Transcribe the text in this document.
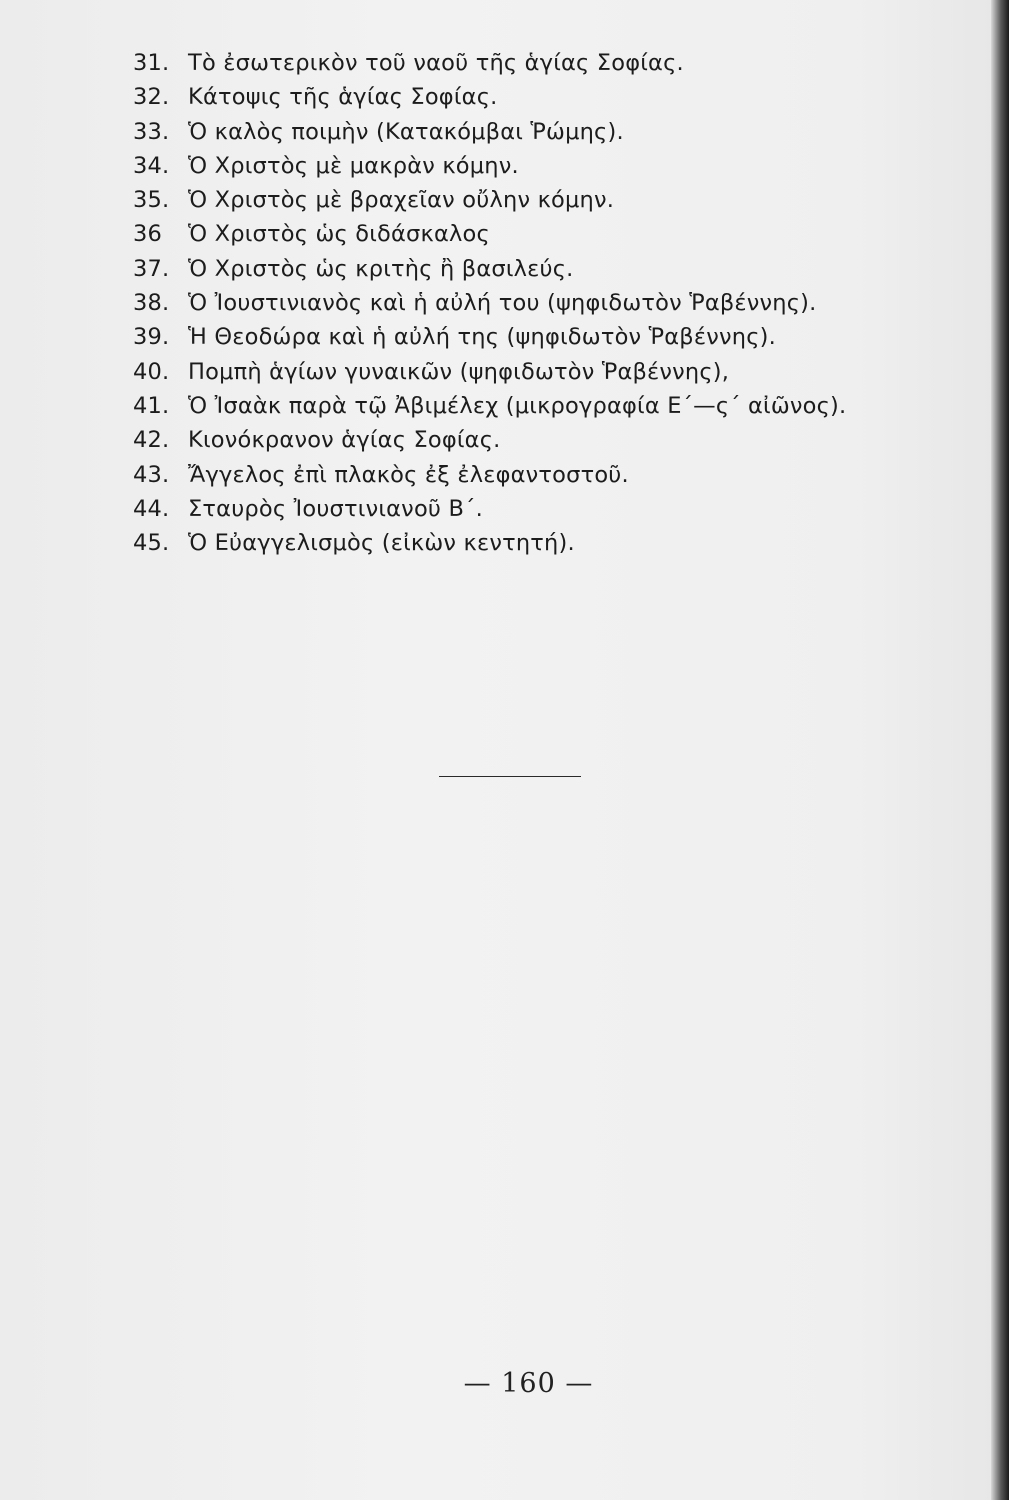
31. Τὸ ἐσωτερικὸν τοῦ ναοῦ τῆς ἁγίας Σοφίας.
32. Κάτοψις τῆς ἁγίας Σοφίας.
33. Ὁ καλὸς ποιμὴν (Κατακόμβαι Ῥώμης).
34. Ὁ Χριστὸς μὲ μακρὰν κόμην.
35. Ὁ Χριστὸς μὲ βραχεῖαν οὔλην κόμην.
36 Ὁ Χριστὸς ὡς διδάσκαλος
37. Ὁ Χριστὸς ὡς κριτὴς ἢ βασιλεύς.
38. Ὁ Ἰουστινιανὸς καὶ ἡ αὐλή του (ψηφιδωτὸν Ῥαβέννης).
39. Ἡ Θεοδώρα καὶ ἡ αὐλή της (ψηφιδωτὸν Ῥαβέννης).
40. Πομπὴ ἁγίων γυναικῶν (ψηφιδωτὸν Ῥαβέννης),
41. Ὁ Ἰσαὰκ παρὰ τῷ Ἀβιμέλεχ (μικρογραφία Ε΄—ς΄ αἰῶνος).
42. Κιονόκρανον ἁγίας Σοφίας.
43. Ἄγγελος ἐπὶ πλακὸς ἐξ ἐλεφαντοστοῦ.
44. Σταυρὸς Ἰουστινιανοῦ Β΄.
45. Ὁ Εὐαγγελισμὸς (εἰκὼν κεντητή).
— 160 —
